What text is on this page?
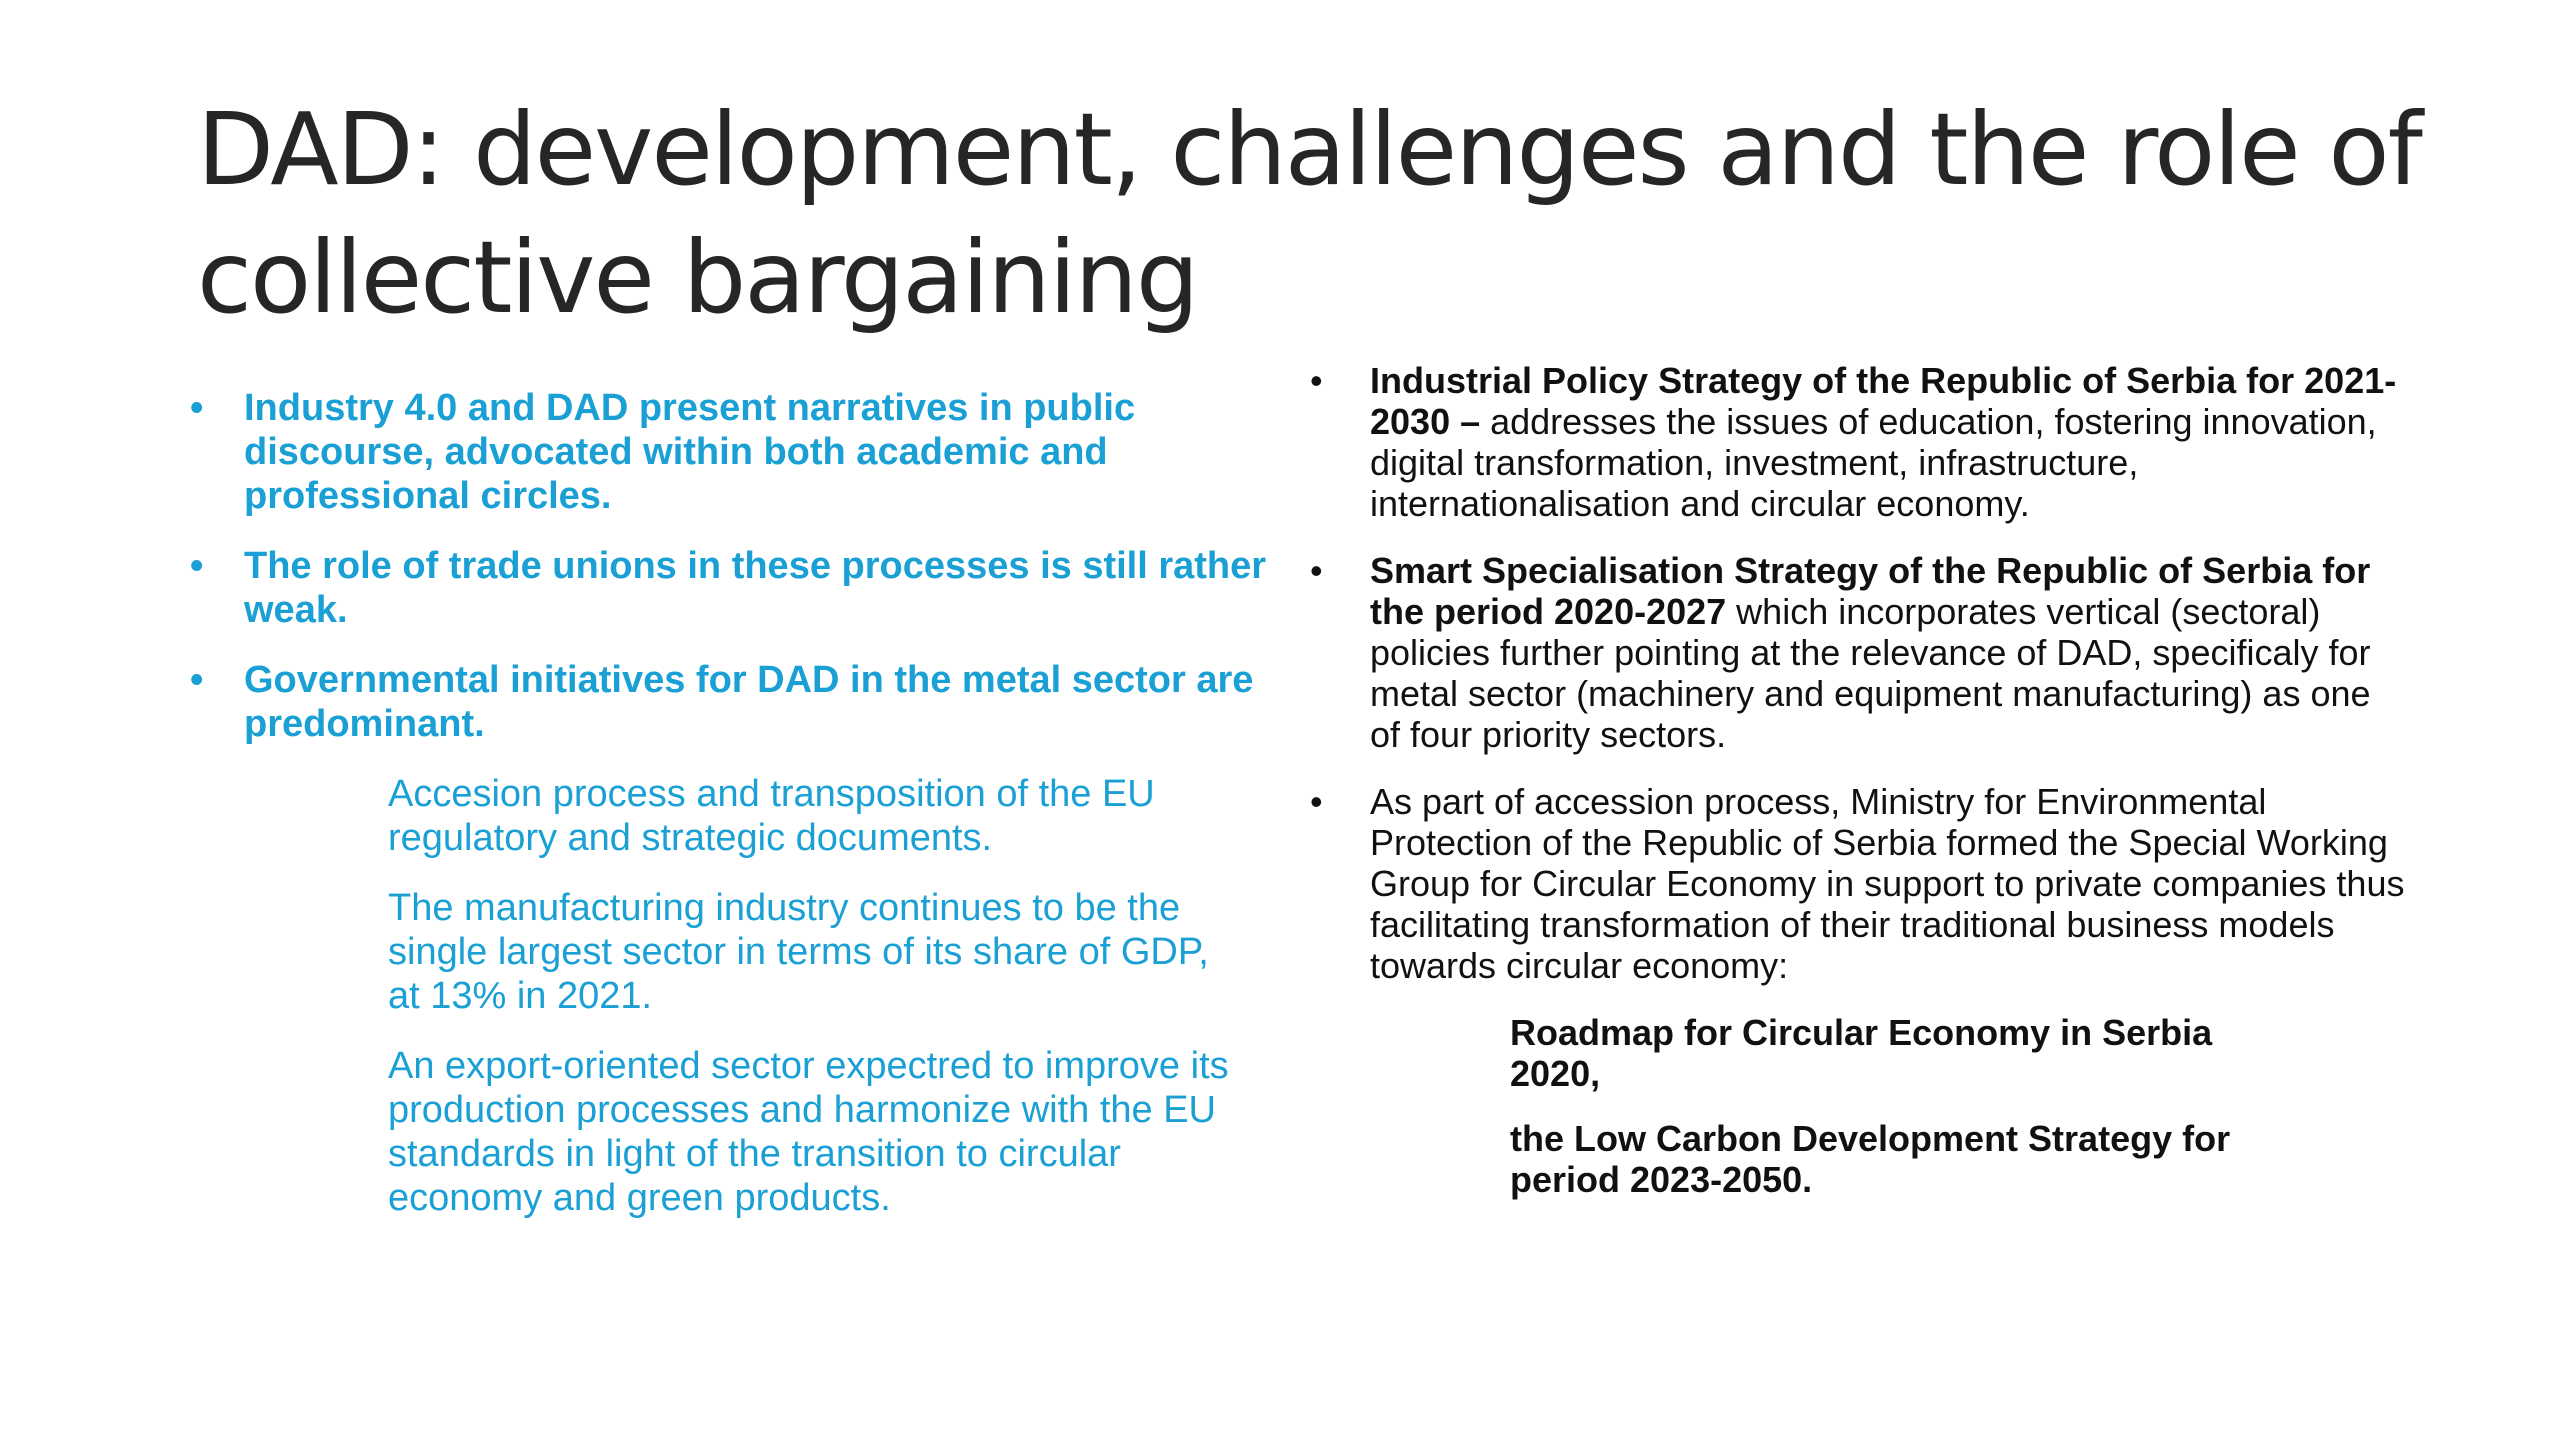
DAD: development, challenges and the role of collective bargaining
• Industry 4.0 and DAD present narratives in public discourse, advocated within both academic and professional circles.
• The role of trade unions in these processes is still rather weak.
• Governmental initiatives for DAD in the metal sector are predominant.

Accesion process and transposition of the EU regulatory and strategic documents.

The manufacturing industry continues to be the single largest sector in terms of its share of GDP, at 13% in 2021.

An export-oriented sector expectred to improve its production processes and harmonize with the EU standards in light of the transition to circular economy and green products.

• Industrial Policy Strategy of the Republic of Serbia for 2021-2030 – addresses the issues of education, fostering innovation, digital transformation, investment, infrastructure, internationalisation and circular economy.
• Smart Specialisation Strategy of the Republic of Serbia for the period 2020-2027 which incorporates vertical (sectoral) policies further pointing at the relevance of DAD, specificaly for metal sector (machinery and equipment manufacturing) as one of four priority sectors.
• As part of accession process, Ministry for Environmental Protection of the Republic of Serbia formed the Special Working Group for Circular Economy in support to private companies thus facilitating transformation of their traditional business models towards circular economy:

Roadmap for Circular Economy in Serbia 2020,

the Low Carbon Development Strategy for period 2023-2050.
